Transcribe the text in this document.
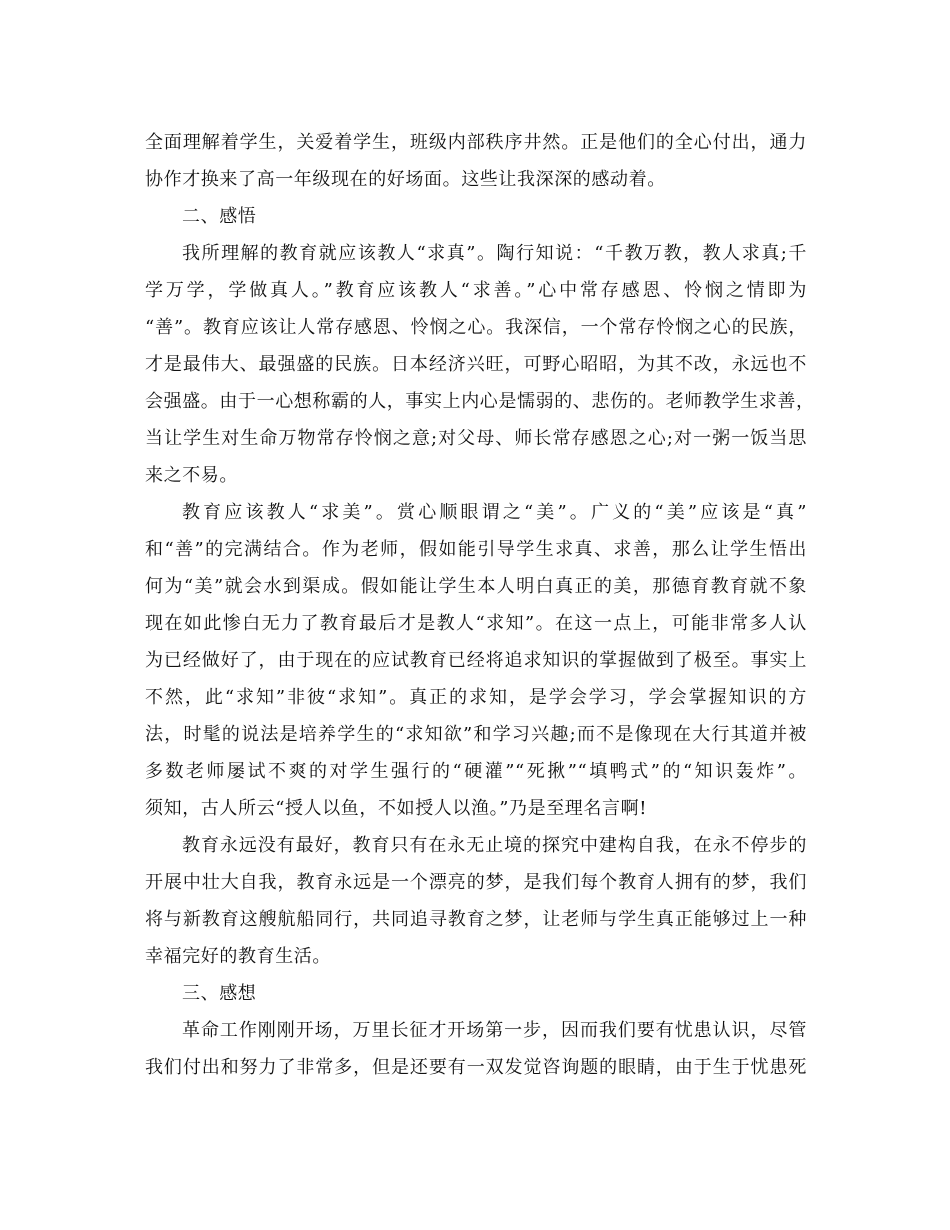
全面理解着学生，关爱着学生，班级内部秩序井然。正是他们的全心付出，通力
协作才换来了高一年级现在的好场面。这些让我深深的感动着。
二、感悟
我所理解的教育就应该教人“求真”。陶行知说：“千教万教，教人求真;千
学万学，学做真人。”教育应该教人“求善。”心中常存感恩、怜悯之情即为
“善”。教育应该让人常存感恩、怜悯之心。我深信，一个常存怜悯之心的民族，
才是最伟大、最强盛的民族。日本经济兴旺，可野心昭昭，为其不改，永远也不
会强盛。由于一心想称霸的人，事实上内心是懦弱的、悲伤的。老师教学生求善，
当让学生对生命万物常存怜悯之意;对父母、师长常存感恩之心;对一粥一饭当思
来之不易。
教育应该教人“求美”。赏心顺眼谓之“美”。广义的“美”应该是“真”
和“善”的完满结合。作为老师，假如能引导学生求真、求善，那么让学生悟出
何为“美”就会水到渠成。假如能让学生本人明白真正的美，那德育教育就不象
现在如此惨白无力了教育最后才是教人“求知”。在这一点上，可能非常多人认
为已经做好了，由于现在的应试教育已经将追求知识的掌握做到了极至。事实上
不然，此“求知”非彼“求知”。真正的求知，是学会学习，学会掌握知识的方
法，时髦的说法是培养学生的“求知欲”和学习兴趣;而不是像现在大行其道并被
多数老师屡试不爽的对学生强行的“硬灌”“死揪”“填鸭式”的“知识轰炸”。
须知，古人所云“授人以鱼，不如授人以渔。”乃是至理名言啊!
教育永远没有最好，教育只有在永无止境的探究中建构自我，在永不停步的
开展中壮大自我，教育永远是一个漂亮的梦，是我们每个教育人拥有的梦，我们
将与新教育这艘航船同行，共同追寻教育之梦，让老师与学生真正能够过上一种
幸福完好的教育生活。
三、感想
革命工作刚刚开场，万里长征才开场第一步，因而我们要有忧患认识，尽管
我们付出和努力了非常多，但是还要有一双发觉咨询题的眼睛，由于生于忧患死
